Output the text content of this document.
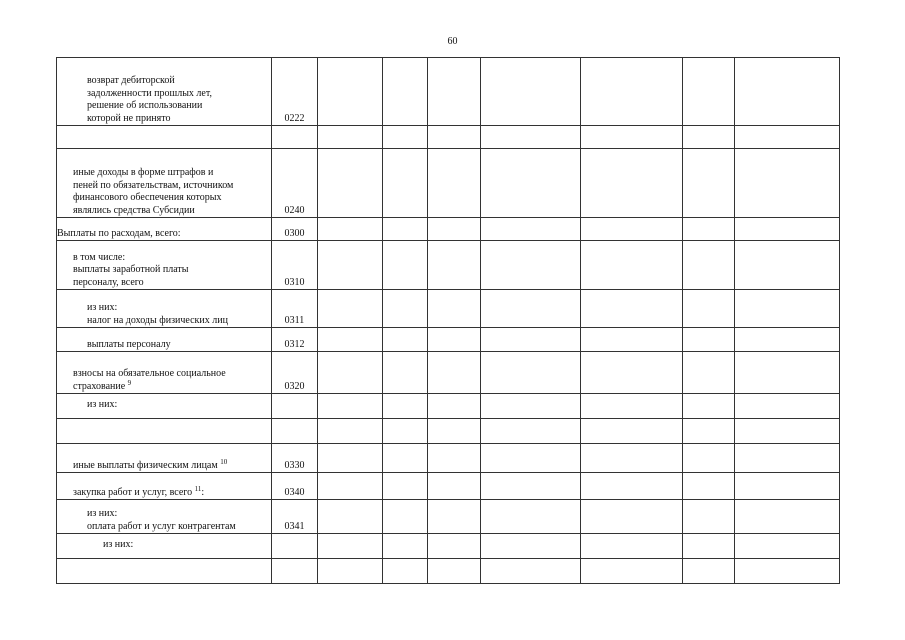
60
возврат дебиторской
задолженности прошлых лет,
решение об использовании
которой не принято	0222							

иные доходы в форме штрафов и
пеней по обязательствам, источником
финансового обеспечения которых
являлись средства Субсидии	0240							

Выплаты по расходам, всего:	0300							

в том числе:
выплаты заработной платы
персоналу, всего	0310							

из них:
налог на доходы физических лиц	0311							

выплаты персоналу	0312							

взносы на обязательное социальное
страхование $^9$	0320							

из них:								

иные выплаты физическим лицам $^{10}$	0330							

закупка работ и услуг, всего $^{11}$:	0340							

из них:
оплата работ и услуг контрагентам	0341							

из них:								
